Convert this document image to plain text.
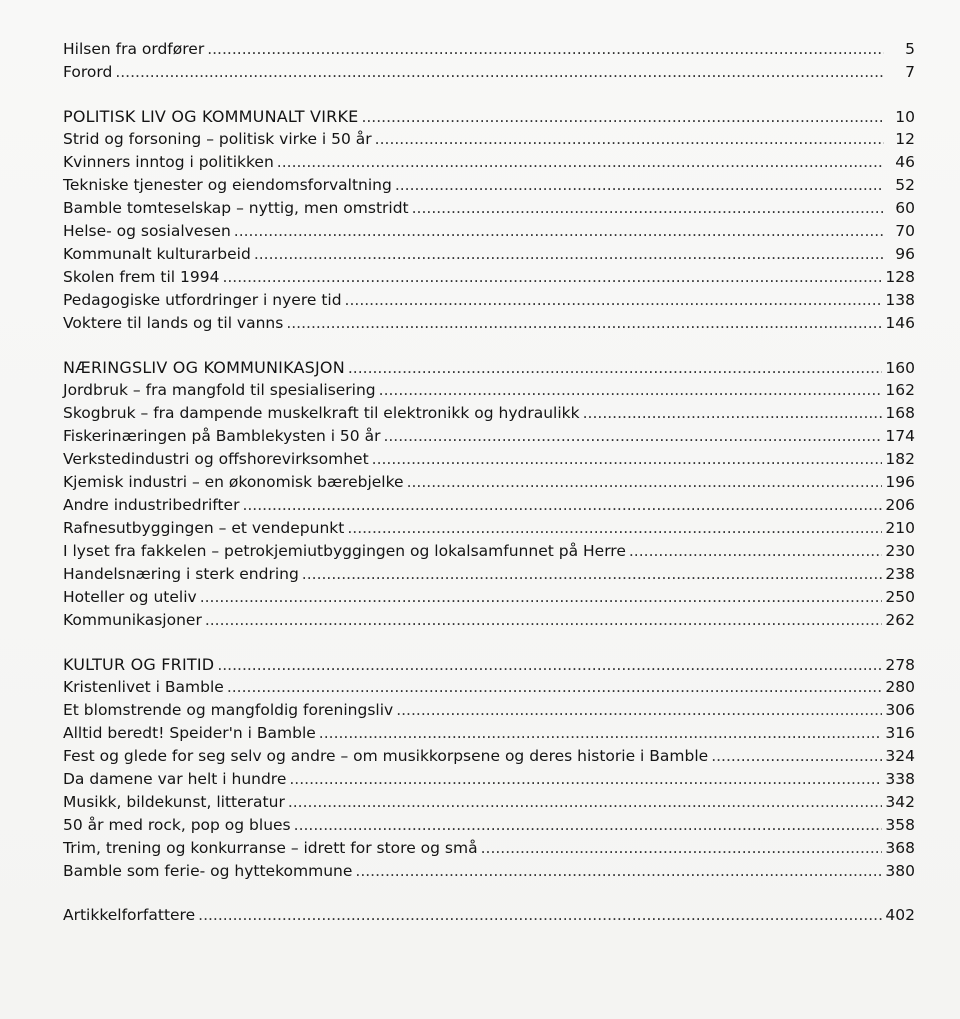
Hilsen fra ordfører .....	5
Forord .....	7
POLITISK LIV OG KOMMUNALT VIRKE .....	10
Strid og forsoning – politisk virke i 50 år .....	12
Kvinners inntog i politikken .....	46
Tekniske tjenester og eiendomsforvaltning .....	52
Bamble tomteselskap – nyttig, men omstridt .....	60
Helse- og sosialvesen .....	70
Kommunalt kulturarbeid .....	96
Skolen frem til 1994 .....	128
Pedagogiske utfordringer i nyere tid .....	138
Voktere til lands og til vanns .....	146
NÆRINGSLIV OG KOMMUNIKASJON .....	160
Jordbruk – fra mangfold til spesialisering .....	162
Skogbruk – fra dampende muskelkraft til elektronikk og hydraulikk .....	168
Fiskerinæringen på Bamblekysten i 50 år .....	174
Verkstedindustri og offshorevirksomhet .....	182
Kjemisk industri – en økonomisk bærebjelke .....	196
Andre industribedrifter .....	206
Rafnesutbyggingen – et vendepunkt .....	210
I lyset fra fakkelen – petrokjemiutbyggingen og lokalsamfunnet på Herre .....	230
Handelsnæring i sterk endring .....	238
Hoteller og uteliv .....	250
Kommunikasjoner .....	262
KULTUR OG FRITID .....	278
Kristenlivet i Bamble .....	280
Et blomstrende og mangfoldig foreningsliv .....	306
Alltid beredt! Speider'n i Bamble .....	316
Fest og glede for seg selv og andre – om musikkorpsene og deres historie i Bamble .....	324
Da damene var helt i hundre .....	338
Musikk, bildekunst, litteratur .....	342
50 år med rock, pop og blues .....	358
Trim, trening og konkurranse – idrett for store og små .....	368
Bamble som ferie- og hyttekommune .....	380
Artikkelforfattere .....	402
